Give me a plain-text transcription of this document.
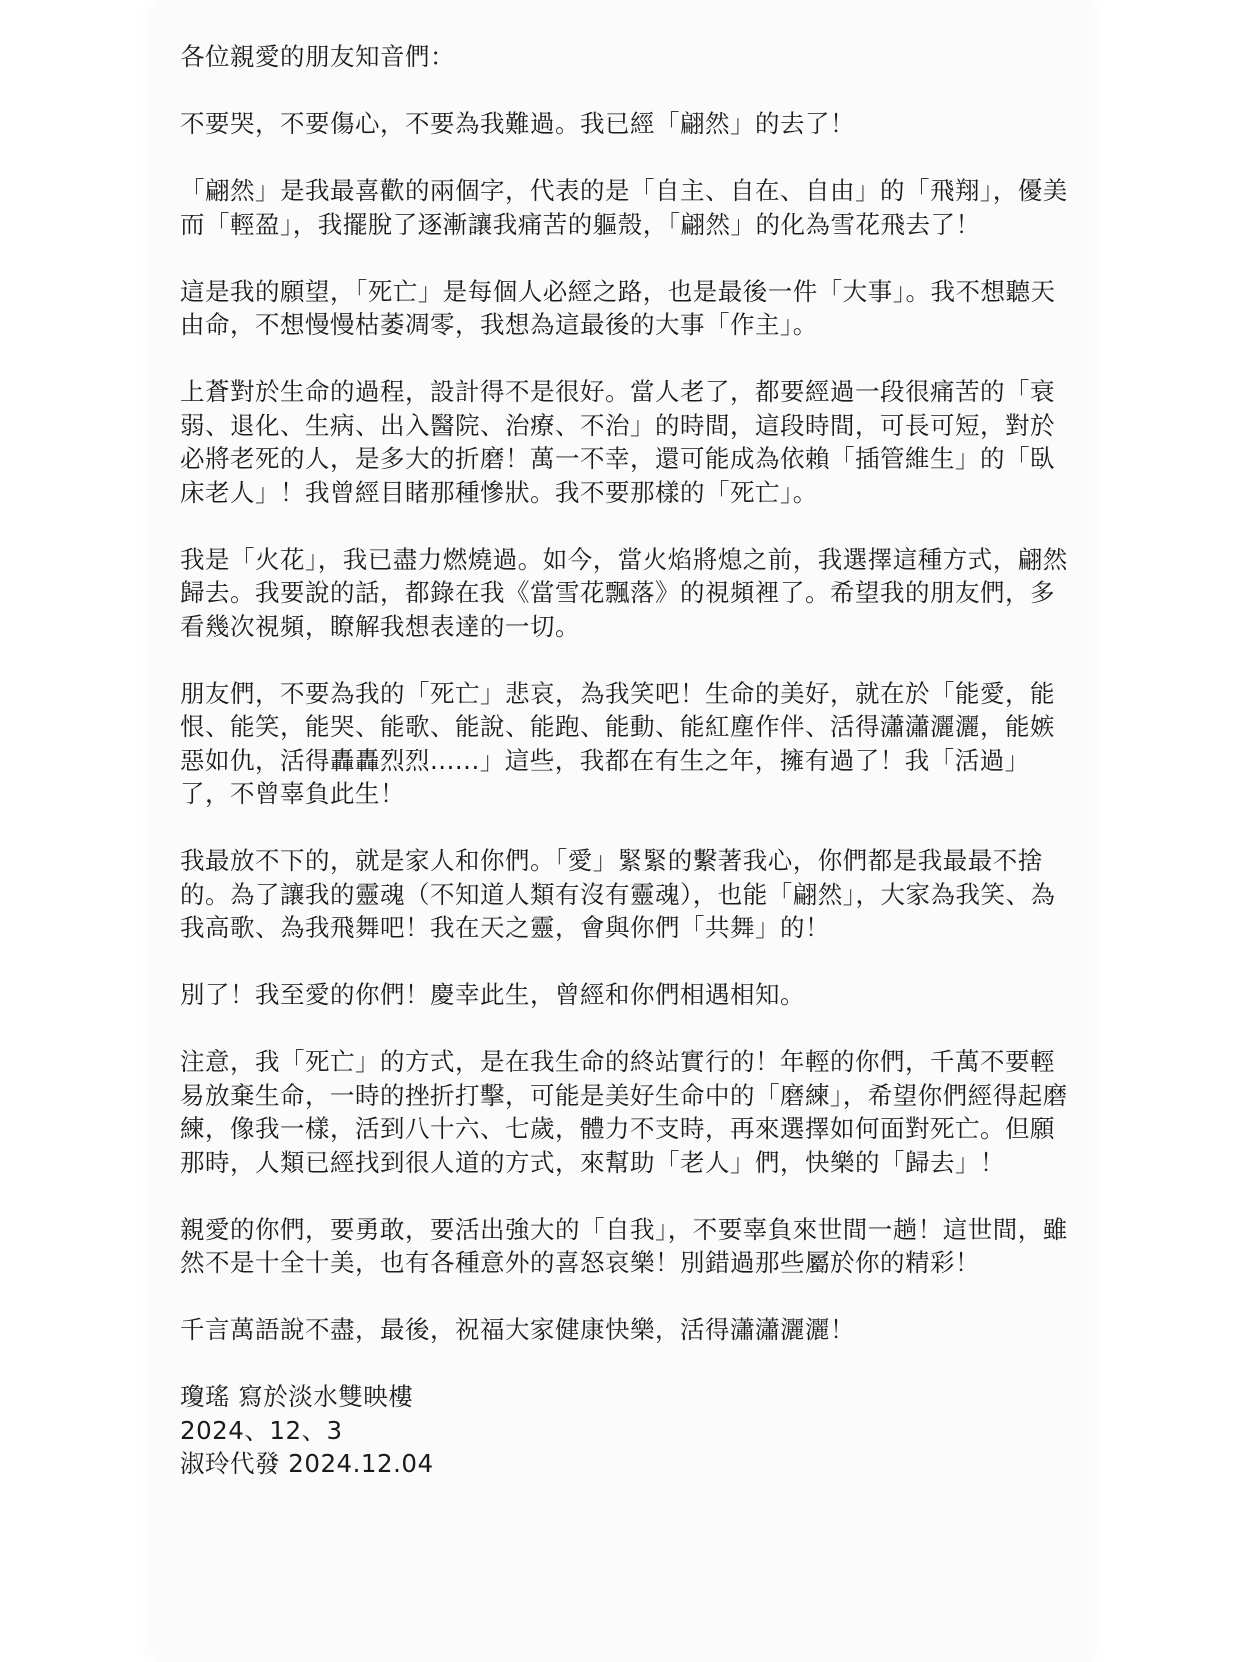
各位親愛的朋友知音們：

不要哭，不要傷心，不要為我難過。我已經「翩然」的去了！

「翩然」是我最喜歡的兩個字，代表的是「自主、自在、自由」的「飛翔」，優美而「輕盈」，我擺脫了逐漸讓我痛苦的軀殼，「翩然」的化為雪花飛去了！

這是我的願望，「死亡」是每個人必經之路，也是最後一件「大事」。我不想聽天由命，不想慢慢枯萎凋零，我想為這最後的大事「作主」。

上蒼對於生命的過程，設計得不是很好。當人老了，都要經過一段很痛苦的「衰弱、退化、生病、出入醫院、治療、不治」的時間，這段時間，可長可短，對於必將老死的人，是多大的折磨！萬一不幸，還可能成為依賴「插管維生」的「臥床老人」！我曾經目睹那種慘狀。我不要那樣的「死亡」。

我是「火花」，我已盡力燃燒過。如今，當火焰將熄之前，我選擇這種方式，翩然歸去。我要說的話，都錄在我《當雪花飄落》的視頻裡了。希望我的朋友們，多看幾次視頻，瞭解我想表達的一切。

朋友們，不要為我的「死亡」悲哀，為我笑吧！生命的美好，就在於「能愛，能恨、能笑，能哭、能歌、能說、能跑、能動、能紅塵作伴、活得瀟瀟灑灑，能嫉惡如仇，活得轟轟烈烈......」這些，我都在有生之年，擁有過了！我「活過」了，不曾辜負此生！

我最放不下的，就是家人和你們。「愛」緊緊的繫著我心，你們都是我最最不捨的。為了讓我的靈魂（不知道人類有沒有靈魂），也能「翩然」，大家為我笑、為我高歌、為我飛舞吧！我在天之靈，會與你們「共舞」的！

別了！我至愛的你們！慶幸此生，曾經和你們相遇相知。

注意，我「死亡」的方式，是在我生命的終站實行的！年輕的你們，千萬不要輕易放棄生命，一時的挫折打擊，可能是美好生命中的「磨練」，希望你們經得起磨練，像我一樣，活到八十六、七歲，體力不支時，再來選擇如何面對死亡。但願那時，人類已經找到很人道的方式，來幫助「老人」們，快樂的「歸去」！

親愛的你們，要勇敢，要活出強大的「自我」，不要辜負來世間一趟！這世間，雖然不是十全十美，也有各種意外的喜怒哀樂！別錯過那些屬於你的精彩！

千言萬語說不盡，最後，祝福大家健康快樂，活得瀟瀟灑灑！

瓊瑤 寫於淡水雙映樓
2024、12、3
淑玲代發 2024.12.04
